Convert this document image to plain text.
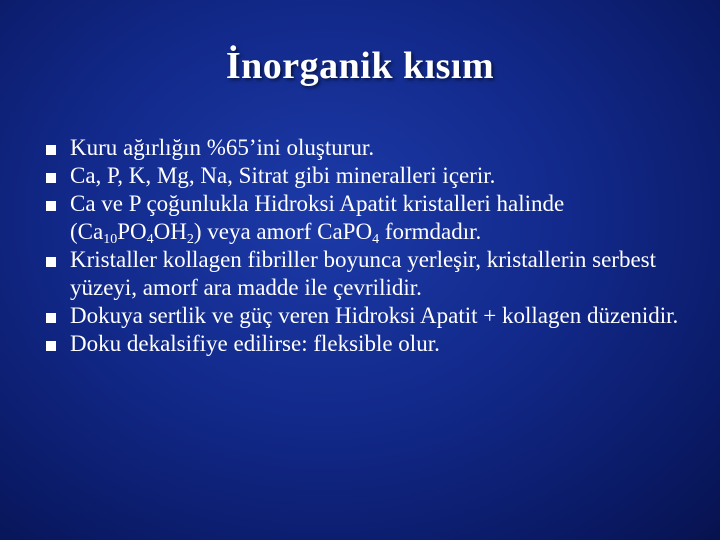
İnorganik kısım
Kuru ağırlığın %65’ini oluşturur.
Ca, P, K, Mg, Na, Sitrat gibi mineralleri içerir.
Ca ve P çoğunlukla Hidroksi Apatit kristalleri halinde
$(Ca_{10}PO_4OH_2)$ veya amorf CaPO$_4$ formdadır.
Kristaller kollagen fibriller boyunca yerleşir, kristallerin serbest yüzeyi, amorf ara madde ile çevrilidir.
Dokuya sertlik ve güç veren Hidroksi Apatit + kollagen düzenidir.
Doku dekalsifiye edilirse: fleksible olur.
